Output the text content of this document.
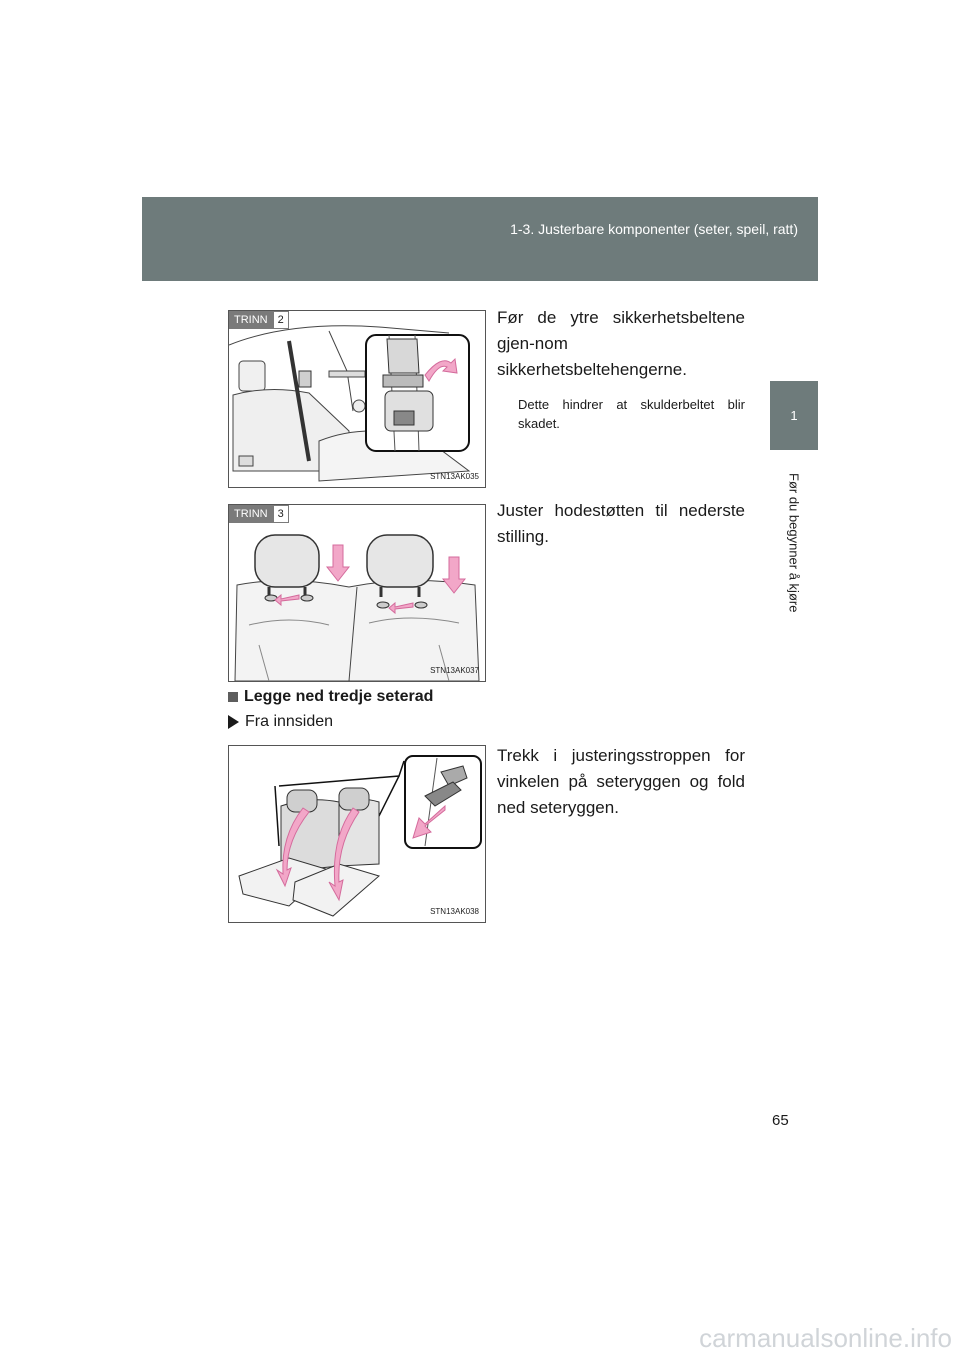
1-3. Justerbare komponenter (seter, speil, ratt)
1
Før du begynner å kjøre
TRINN 2
STN13AK035

Før de ytre sikkerhetsbeltene gjen-nom sikkerhetsbeltehengerne.

Dette hindrer at skulderbeltet blir skadet.

TRINN 3
STN13AK037

Juster hodestøtten til nederste stilling.

Legge ned tredje seterad
Fra innsiden
STN13AK038

Trekk i justeringsstroppen for vinkelen på seteryggen og fold ned seteryggen.

65
carmanualsonline.info
